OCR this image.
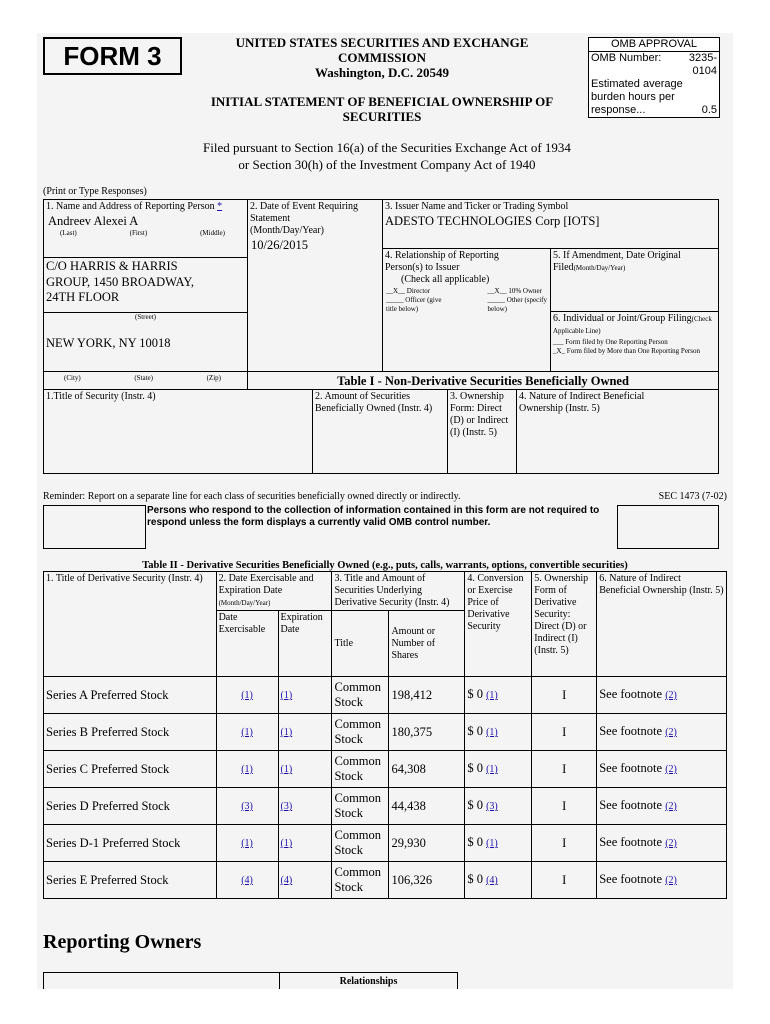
FORM 3	UNITED STATES SECURITIES AND EXCHANGE
COMMISSION
Washington, D.C. 20549
INITIAL STATEMENT OF BENEFICIAL OWNERSHIP OF
SECURITIES
OMB APPROVAL
OMB Number:	3235-0104
Estimated average burden hours per response...	0.5
Filed pursuant to Section 16(a) of the Securities Exchange Act of 1934
or Section 30(h) of the Investment Company Act of 1940
(Print or Type Responses)
1. Name and Address of Reporting Person *
Andreev Alexei A
(Last)	(First)	(Middle)
C/O HARRIS & HARRIS
GROUP, 1450 BROADWAY,
24TH FLOOR
(Street)
NEW YORK, NY 10018
(City)	(State)	(Zip)
2. Date of Event Requiring
Statement
(Month/Day/Year)
10/26/2015
3. Issuer Name and Ticker or Trading Symbol
ADESTO TECHNOLOGIES Corp [IOTS]
4. Relationship of Reporting
Person(s) to Issuer
(Check all applicable)
__X__ Director
_____ Officer (give
title below)
__X__ 10% Owner
_____ Other (specify
below)
5. If Amendment, Date Original Filed(Month/Day/Year)
6. Individual or Joint/Group Filing(Check Applicable Line)
___ Form filed by One Reporting Person
_X_ Form filed by More than One Reporting Person
Table I - Non-Derivative Securities Beneficially Owned
1.Title of Security (Instr. 4)	2. Amount of Securities Beneficially Owned (Instr. 4)
3. Ownership Form: Direct (D) or Indirect (I) (Instr. 5)
4. Nature of Indirect Beneficial Ownership (Instr. 5)
Reminder: Report on a separate line for each class of securities beneficially owned directly or indirectly.	SEC 1473 (7-02)
Persons who respond to the collection of information contained in this form are not required to respond unless the form displays a currently valid OMB control number.
Table II - Derivative Securities Beneficially Owned (e.g., puts, calls, warrants, options, convertible securities)
1. Title of Derivative Security (Instr. 4)	2. Date Exercisable and Expiration Date
(Month/Day/Year)		3. Title and Amount of Securities Underlying Derivative Security (Instr. 4)		4. Conversion or Exercise Price of Derivative Security	5. Ownership Form of Derivative Security: Direct (D) or Indirect (I) (Instr. 5)	6. Nature of Indirect Beneficial Ownership (Instr. 5)
	Date Exercisable	Expiration Date	Title	Amount or Number of Shares			
Series A Preferred Stock	(1)	(1)	Common Stock	198,412	$ 0 (1)	I	See footnote (2)
Series B Preferred Stock	(1)	(1)	Common Stock	180,375	$ 0 (1)	I	See footnote (2)
Series C Preferred Stock	(1)	(1)	Common Stock	64,308	$ 0 (1)	I	See footnote (2)
Series D Preferred Stock	(3)	(3)	Common Stock	44,438	$ 0 (3)	I	See footnote (2)
Series D-1 Preferred Stock	(1)	(1)	Common Stock	29,930	$ 0 (1)	I	See footnote (2)
Series E Preferred Stock	(4)	(4)	Common Stock	106,326	$ 0 (4)	I	See footnote (2)
Reporting Owners
Relationships
